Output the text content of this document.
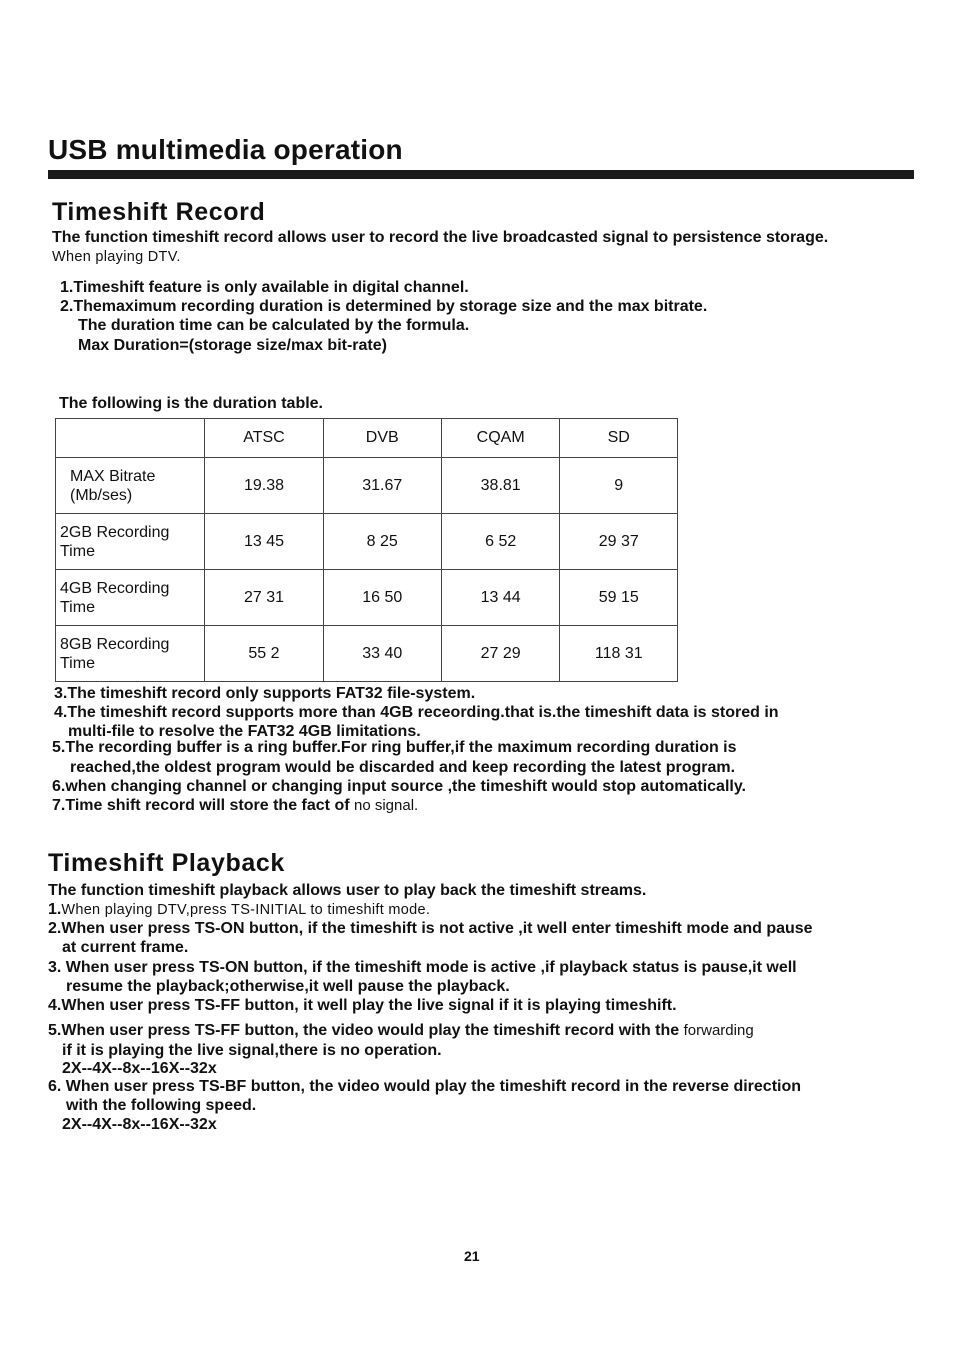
USB multimedia operation
Timeshift Record
The function timeshift record allows user to record the live broadcasted signal to persistence storage.
When playing DTV.
1.Timeshift feature is only available in digital channel.
2.Themaximum recording duration is determined by storage size and the max bitrate.
The duration time can be calculated by the formula.
Max Duration=(storage size/max bit-rate)
The following is the duration table.
	ATSC	DVB	CQAM	SD
MAX Bitrate
(Mb/ses)	19.38	31.67	38.81	9
2GB Recording
Time	13 45	8 25	6 52	29 37
4GB Recording
Time	27 31	16 50	13 44	59 15
8GB Recording
Time	55 2	33 40	27 29	118 31
3.The timeshift record only supports FAT32 file-system.
4.The timeshift record supports more than 4GB receording.that is.the timeshift data is stored in
multi-file to resolve the FAT32 4GB limitations.
5.The recording buffer is a ring buffer.For ring buffer,if the maximum recording duration is
reached,the oldest program would be discarded and keep recording the latest program.
6.when changing channel or changing input source ,the timeshift would stop automatically.
7.Time shift record will store the fact of no signal.
Timeshift Playback
The function timeshift playback allows user to play back the timeshift streams.
1.When playing DTV,press TS-INITIAL to timeshift mode.
2.When user press TS-ON button, if the timeshift is not active ,it well enter timeshift mode and pause
at current frame.
3. When user press TS-ON button, if the timeshift mode is active ,if playback status is pause,it well
resume the playback;otherwise,it well pause the playback.
4.When user press TS-FF button, it well play the live signal if it is playing timeshift.
5.When user press TS-FF button, the video would play the timeshift record with the forwarding
if it is playing the live signal,there is no operation.
2X--4X--8x--16X--32x
6. When user press TS-BF button, the video would play the timeshift record in the reverse direction
with the following speed.
2X--4X--8x--16X--32x
21
